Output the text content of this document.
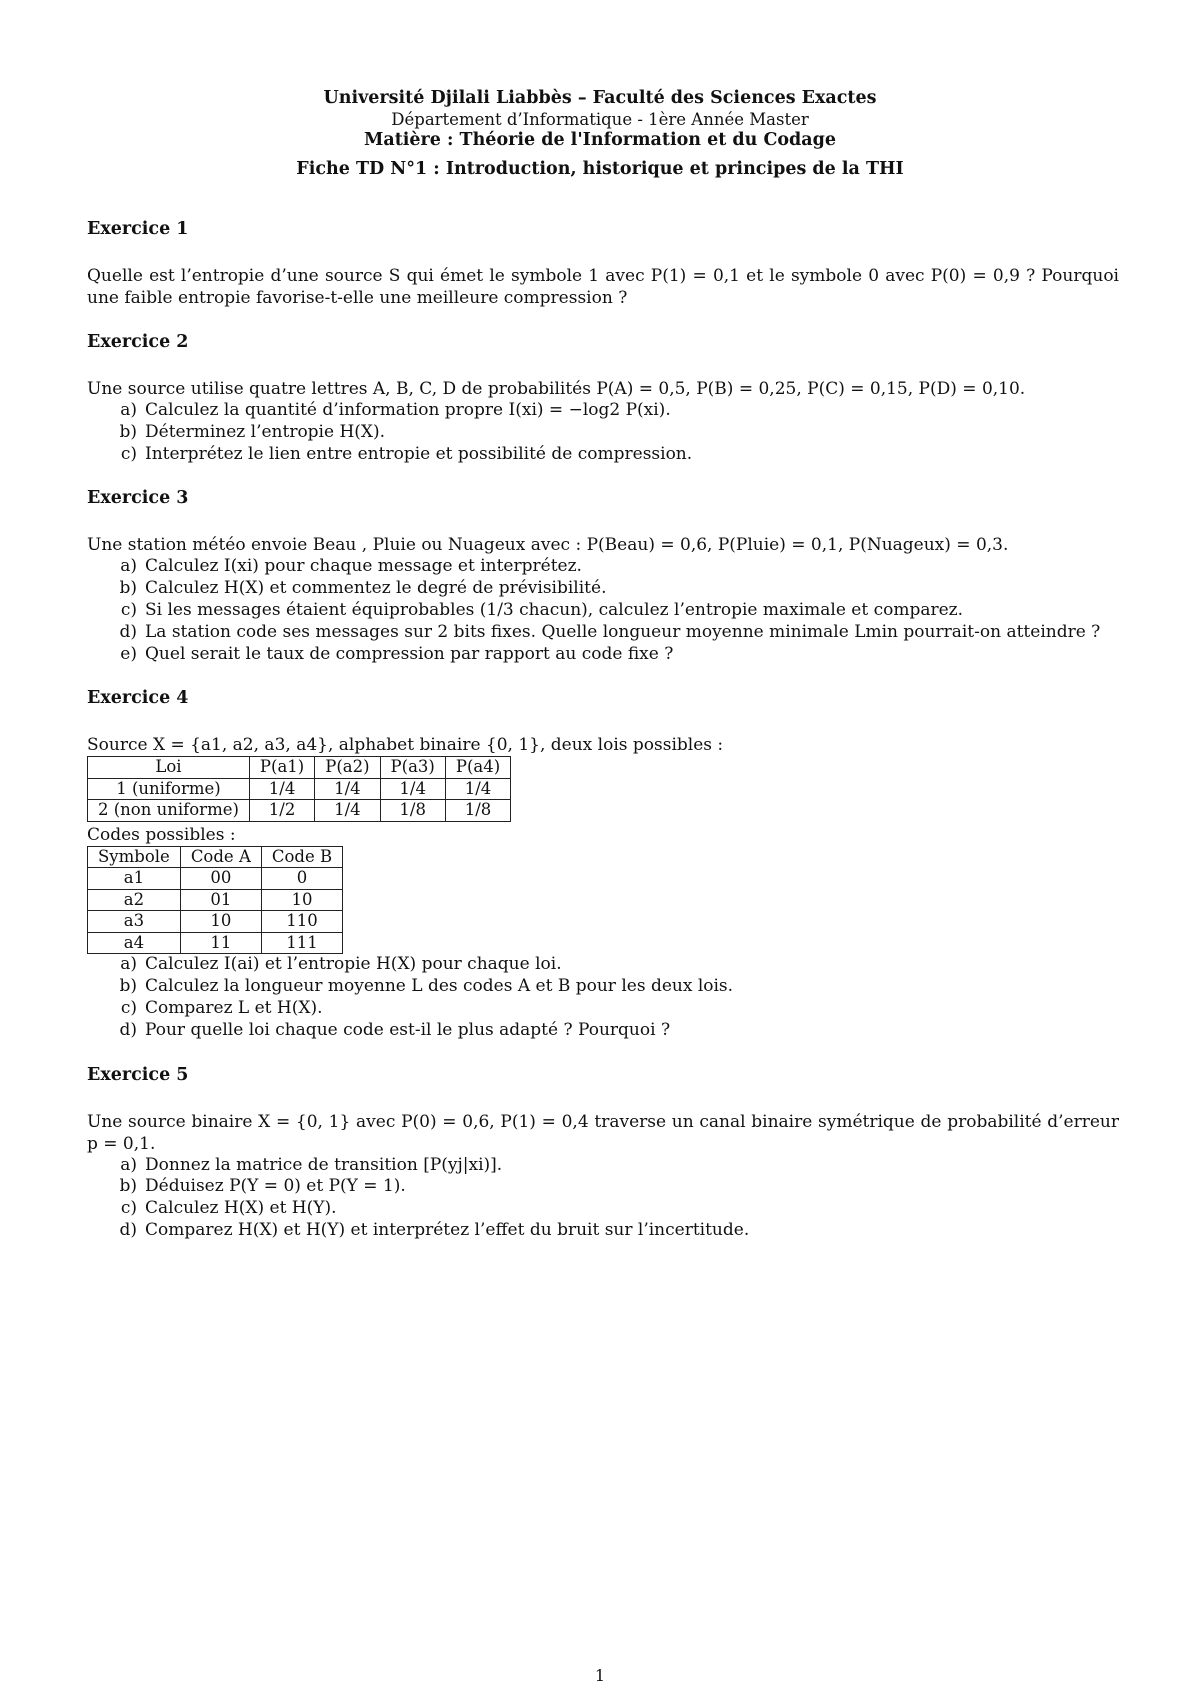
Université Djilali Liabbès – Faculté des Sciences Exactes
Département d’Informatique - 1ère Année Master
Matière : Théorie de l'Information et du Codage
Fiche TD N°1 : Introduction, historique et principes de la THI
Exercice 1

Quelle est l’entropie d’une source S qui émet le symbole 1 avec P(1) = 0,1 et le symbole 0 avec P(0) = 0,9 ? Pourquoi une faible entropie favorise-t-elle une meilleure compression ?

Exercice 2

Une source utilise quatre lettres A, B, C, D de probabilités P(A) = 0,5, P(B) = 0,25, P(C) = 0,15, P(D) = 0,10.

a) Calculez la quantité d’information propre I(xi) = −log2 P(xi).
b) Déterminez l’entropie H(X).
c) Interprétez le lien entre entropie et possibilité de compression.
Exercice 3

Une station météo envoie Beau , Pluie ou Nuageux avec : P(Beau) = 0,6, P(Pluie) = 0,1, P(Nuageux) = 0,3.

a) Calculez I(xi) pour chaque message et interprétez.
b) Calculez H(X) et commentez le degré de prévisibilité.
c) Si les messages étaient équiprobables (1/3 chacun), calculez l’entropie maximale et comparez.
d) La station code ses messages sur 2 bits fixes. Quelle longueur moyenne minimale Lmin pourrait-on atteindre ?
e) Quel serait le taux de compression par rapport au code fixe ?
Exercice 4

Source X = {a1, a2, a3, a4}, alphabet binaire {0, 1}, deux lois possibles :

Loi	P(a1)	P(a2)	P(a3)	P(a4)
1 (uniforme)	1/4	1/4	1/4	1/4
2 (non uniforme)	1/2	1/4	1/8	1/8
Codes possibles :
Symbole	Code A	Code B
a1	00	0
a2	01	10
a3	10	110
a4	11	111
a) Calculez I(ai) et l’entropie H(X) pour chaque loi.
b) Calculez la longueur moyenne L des codes A et B pour les deux lois.
c) Comparez L et H(X).
d) Pour quelle loi chaque code est-il le plus adapté ? Pourquoi ?
Exercice 5

Une source binaire X = {0, 1} avec P(0) = 0,6, P(1) = 0,4 traverse un canal binaire symétrique de probabilité d’erreur p = 0,1.

a) Donnez la matrice de transition [P(yj|xi)].
b) Déduisez P(Y = 0) et P(Y = 1).
c) Calculez H(X) et H(Y).
d) Comparez H(X) et H(Y) et interprétez l’effet du bruit sur l’incertitude.
1
